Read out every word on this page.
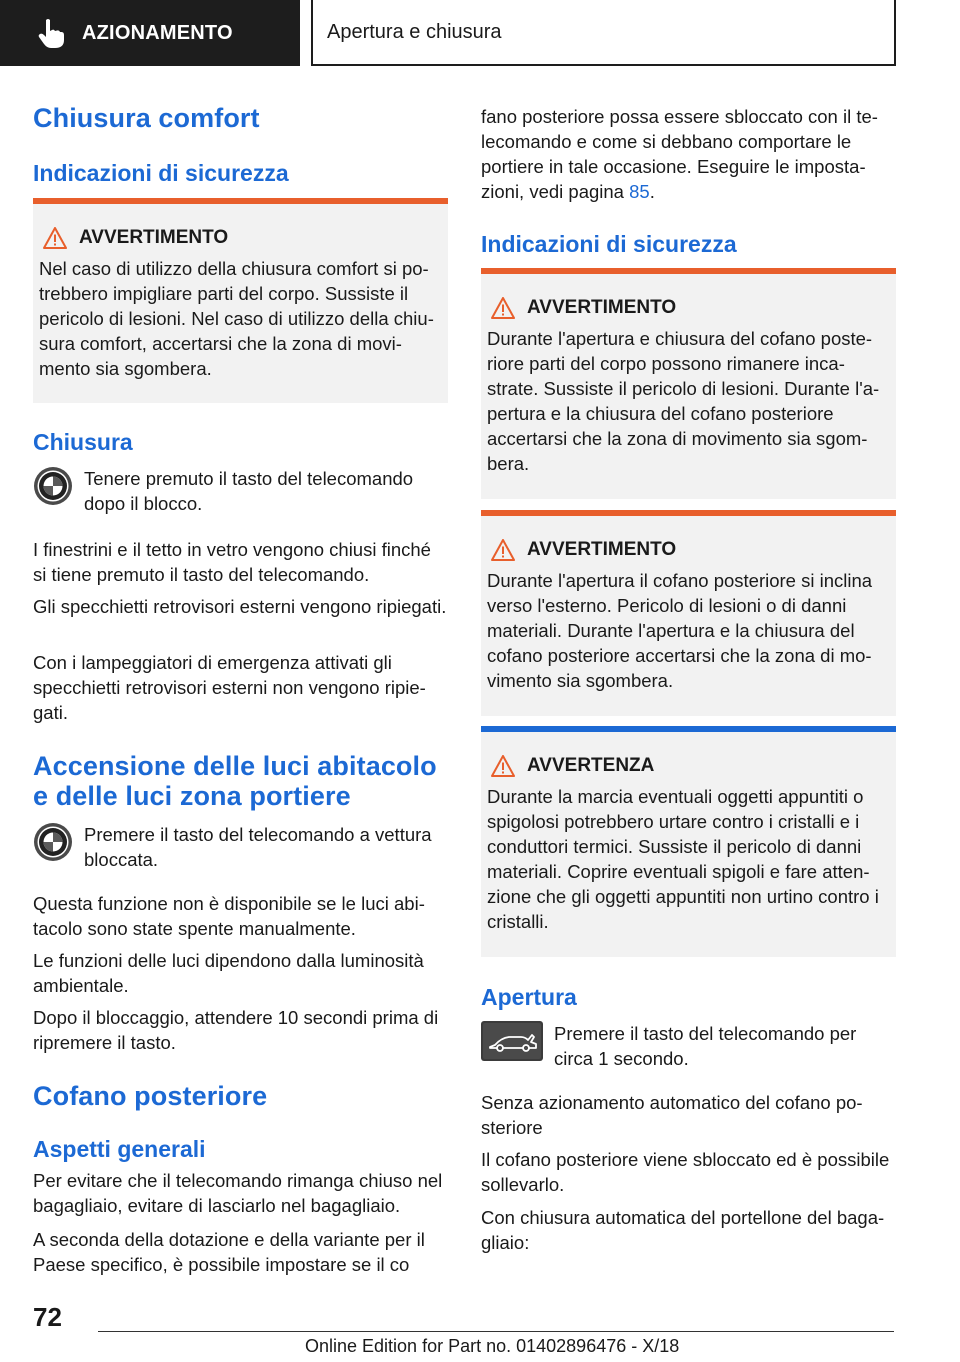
AZIONAMENTO	Apertura e chiusura
Chiusura comfort
Indicazioni di sicurezza
AVVERTIMENTO
Nel caso di utilizzo della chiusura comfort si potrebbero impigliare parti del corpo. Sussiste il pericolo di lesioni. Nel caso di utilizzo della chiusura comfort, accertarsi che la zona di movimento sia sgombera.
Chiusura
Tenere premuto il tasto del telecomando dopo il blocco.

I finestrini e il tetto in vetro vengono chiusi finché si tiene premuto il tasto del telecomando.

Gli specchietti retrovisori esterni vengono ripiegati.

Con i lampeggiatori di emergenza attivati gli specchietti retrovisori esterni non vengono ripiegati.

Accensione delle luci abitacolo e delle luci zona portiere
Premere il tasto del telecomando a vettura bloccata.

Questa funzione non è disponibile se le luci abitacolo sono state spente manualmente.

Le funzioni delle luci dipendono dalla luminosità ambientale.

Dopo il bloccaggio, attendere 10 secondi prima di ripremere il tasto.

Cofano posteriore
Aspetti generali

Per evitare che il telecomando rimanga chiuso nel bagagliaio, evitare di lasciarlo nel bagagliaio.

A seconda della dotazione e della variante per il Paese specifico, è possibile impostare se il co

fano posteriore possa essere sbloccato con il telecomando e come si debbano comportare le portiere in tale occasione. Eseguire le impostazioni, vedi pagina 85.

Indicazioni di sicurezza
AVVERTIMENTO
Durante l'apertura e chiusura del cofano posteriore parti del corpo possono rimanere incastrate. Sussiste il pericolo di lesioni. Durante l'apertura e la chiusura del cofano posteriore accertarsi che la zona di movimento sia sgombera.
AVVERTIMENTO
Durante l'apertura il cofano posteriore si inclina verso l'esterno. Pericolo di lesioni o di danni materiali. Durante l'apertura e la chiusura del cofano posteriore accertarsi che la zona di movimento sia sgombera.
AVVERTENZA
Durante la marcia eventuali oggetti appuntiti o spigolosi potrebbero urtare contro i cristalli e i conduttori termici. Sussiste il pericolo di danni materiali. Coprire eventuali spigoli e fare attenzione che gli oggetti appuntiti non urtino contro i cristalli.
Apertura
Premere il tasto del telecomando per circa 1 secondo.

Senza azionamento automatico del cofano posteriore

Il cofano posteriore viene sbloccato ed è possibile sollevarlo.

Con chiusura automatica del portellone del bagagliaio:

72
Online Edition for Part no. 01402896476 - X/18
